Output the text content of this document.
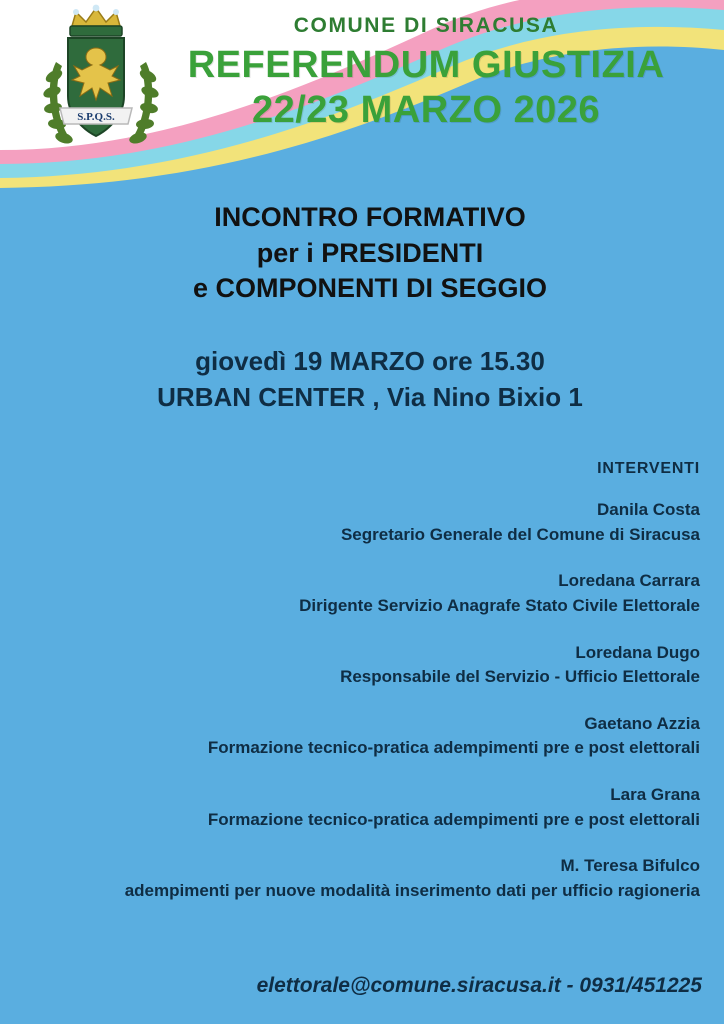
S.P.Q.S.
COMUNE DI SIRACUSA
REFERENDUM GIUSTIZIA
22/23 MARZO 2026
INCONTRO FORMATIVO
per i PRESIDENTI
e COMPONENTI DI SEGGIO
giovedì 19 MARZO ore 15.30
URBAN CENTER , Via Nino Bixio 1
INTERVENTI
Danila Costa
Segretario Generale del Comune di Siracusa
Loredana Carrara
Dirigente Servizio Anagrafe Stato Civile Elettorale
Loredana Dugo
Responsabile del Servizio - Ufficio Elettorale
Gaetano Azzia
Formazione tecnico-pratica adempimenti pre e post elettorali
Lara Grana
Formazione tecnico-pratica adempimenti pre e post elettorali
M. Teresa Bifulco
adempimenti per nuove modalità inserimento dati per ufficio ragioneria
elettorale@comune.siracusa.it - 0931/451225
